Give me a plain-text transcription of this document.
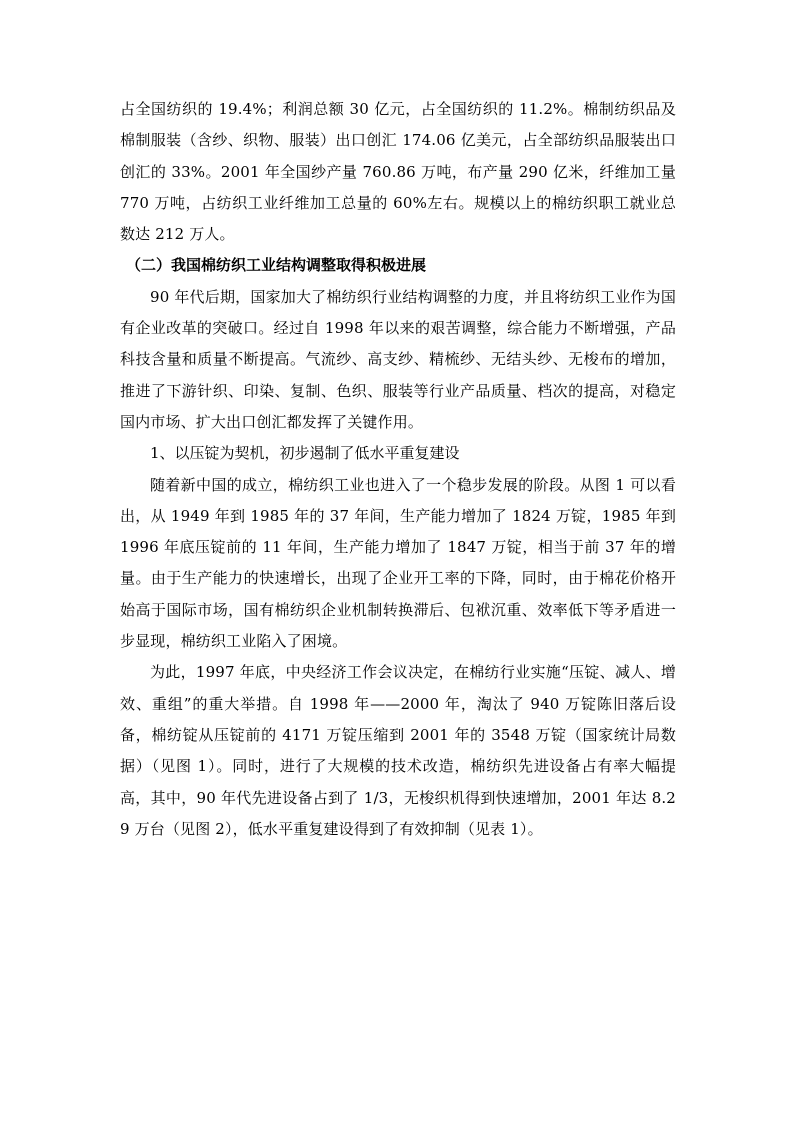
占全国纺织的 19.4%；利润总额 30 亿元，占全国纺织的 11.2%。棉制纺织品及棉制服装（含纱、织物、服装）出口创汇 174.06 亿美元，占全部纺织品服装出口创汇的 33%。2001 年全国纱产量 760.86 万吨，布产量 290 亿米，纤维加工量 770 万吨，占纺织工业纤维加工总量的 60%左右。规模以上的棉纺织职工就业总数达 212 万人。

（二）我国棉纺织工业结构调整取得积极进展

90 年代后期，国家加大了棉纺织行业结构调整的力度，并且将纺织工业作为国有企业改革的突破口。经过自 1998 年以来的艰苦调整，综合能力不断增强，产品科技含量和质量不断提高。气流纱、高支纱、精梳纱、无结头纱、无梭布的增加，推进了下游针织、印染、复制、色织、服装等行业产品质量、档次的提高，对稳定国内市场、扩大出口创汇都发挥了关键作用。

1、以压锭为契机，初步遏制了低水平重复建设

随着新中国的成立，棉纺织工业也进入了一个稳步发展的阶段。从图 1 可以看出，从 1949 年到 1985 年的 37 年间，生产能力增加了 1824 万锭，1985 年到 1996 年底压锭前的 11 年间，生产能力增加了 1847 万锭，相当于前 37 年的增量。由于生产能力的快速增长，出现了企业开工率的下降，同时，由于棉花价格开始高于国际市场，国有棉纺织企业机制转换滞后、包袱沉重、效率低下等矛盾进一步显现，棉纺织工业陷入了困境。

为此，1997 年底，中央经济工作会议决定，在棉纺行业实施“压锭、减人、增效、重组”的重大举措。自 1998 年——2000 年，淘汰了 940 万锭陈旧落后设备，棉纺锭从压锭前的 4171 万锭压缩到 2001 年的 3548 万锭（国家统计局数据）（见图 1）。同时，进行了大规模的技术改造，棉纺织先进设备占有率大幅提高，其中，90 年代先进设备占到了 1/3，无梭织机得到快速增加，2001 年达 8.29 万台（见图 2），低水平重复建设得到了有效抑制（见表 1）。
